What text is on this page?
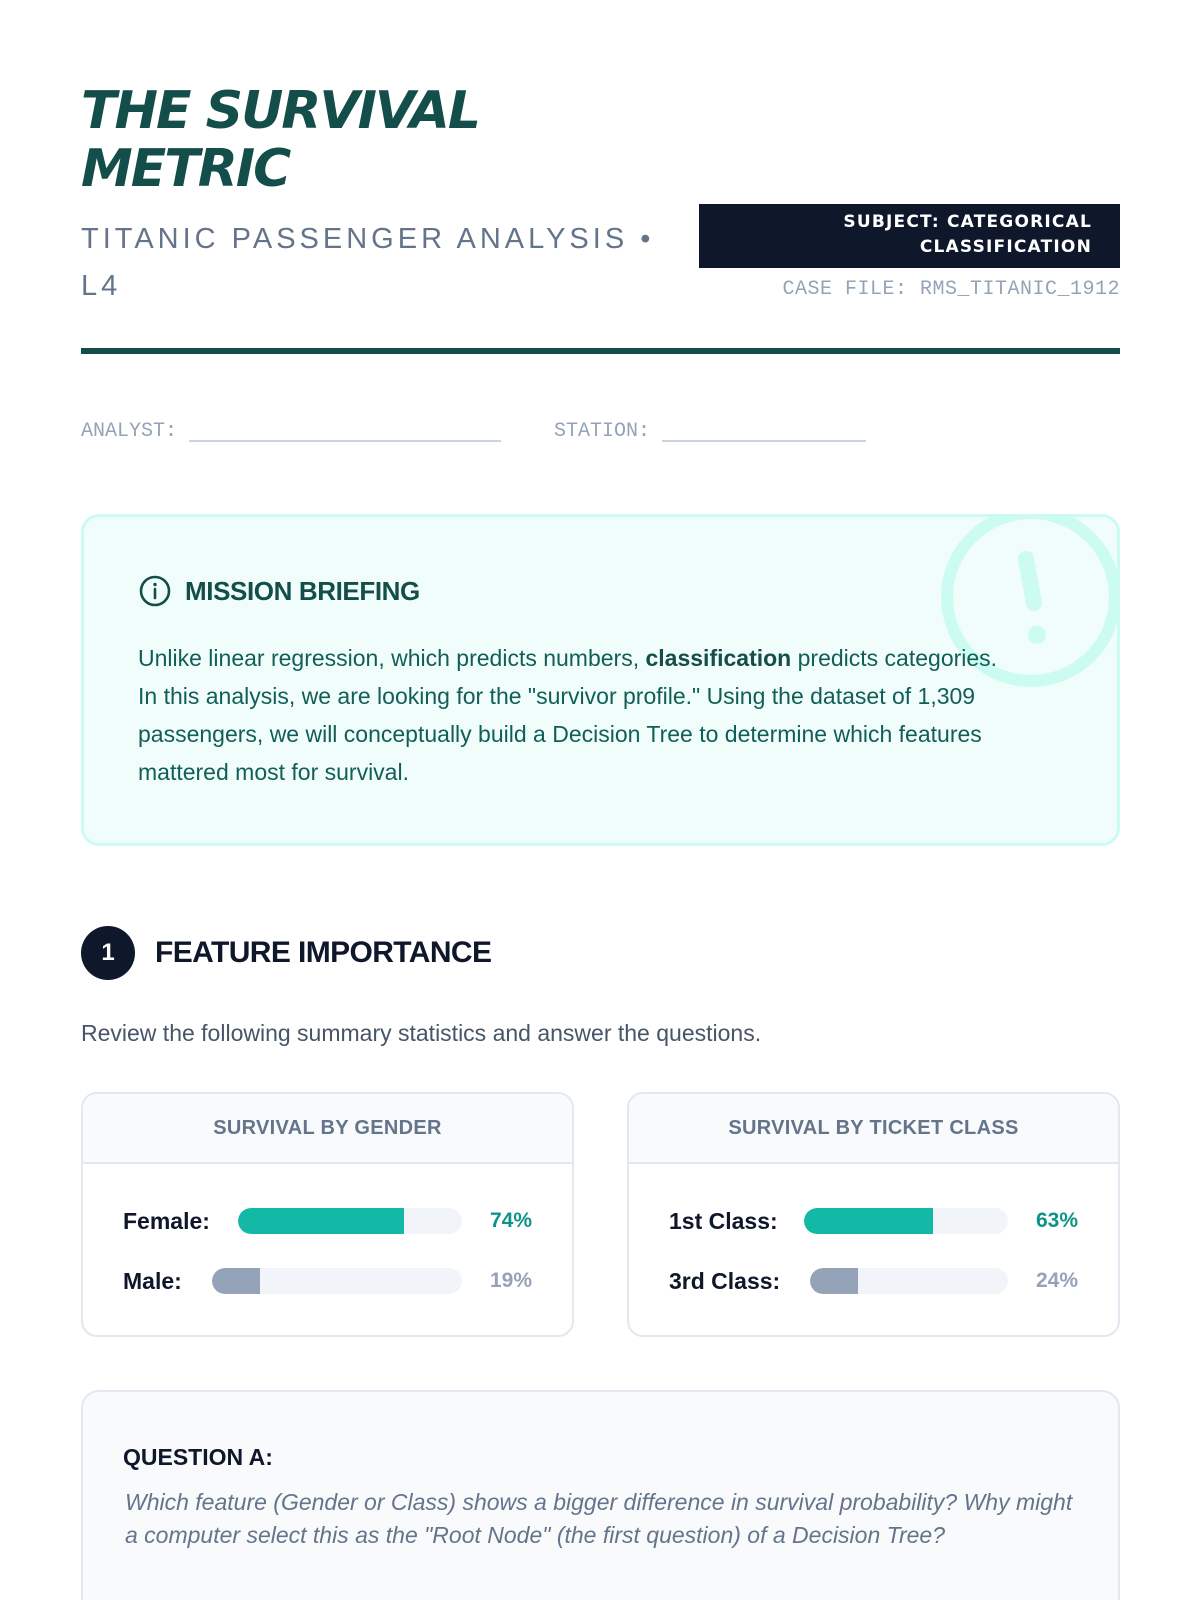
THE SURVIVAL METRIC
TITANIC PASSENGER ANALYSIS • L4
SUBJECT: CATEGORICAL CLASSIFICATION
CASE FILE: RMS_TITANIC_1912
ANALYST:	STATION:
MISSION BRIEFING

Unlike linear regression, which predicts numbers, classification predicts categories. In this analysis, we are looking for the "survivor profile." Using the dataset of 1,309 passengers, we will conceptually build a Decision Tree to determine which features mattered most for survival.

1	FEATURE IMPORTANCE

Review the following summary statistics and answer the questions.

SURVIVAL BY GENDER
Female:	74%
Male:	19%
SURVIVAL BY TICKET CLASS
1st Class:	63%
3rd Class:	24%
QUESTION A:

Which feature (Gender or Class) shows a bigger difference in survival probability? Why might a computer select this as the "Root Node" (the first question) of a Decision Tree?
